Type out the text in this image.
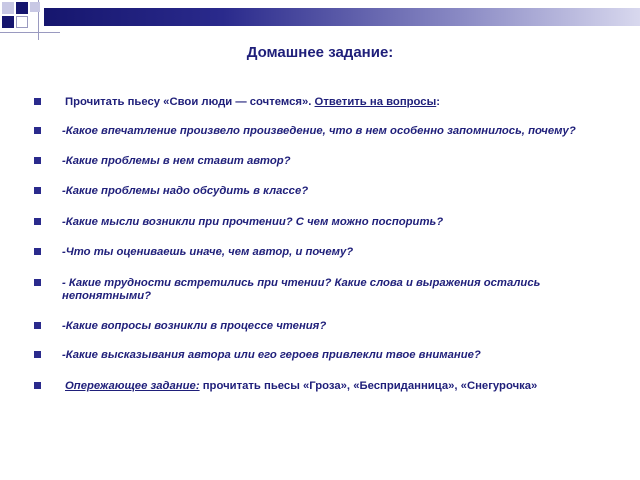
Домашнее задание:
Прочитать пьесу «Свои люди — сочтемся». Ответить на вопросы:
-Какое впечатление произвело произведение, что в нем особенно запомнилось, почему?
-Какие проблемы в нем ставит автор?
-Какие проблемы надо обсудить в классе?
-Какие мысли возникли при прочтении? С чем можно поспорить?
-Что ты оцениваешь иначе, чем автор, и почему?
- Какие трудности встретились при чтении? Какие слова и выражения остались непонятными?
-Какие вопросы возникли в процессе чтения?
-Какие высказывания автора или его героев привлекли твое внимание?
Опережающее задание: прочитать пьесы «Гроза», «Бесприданница», «Снегурочка»
